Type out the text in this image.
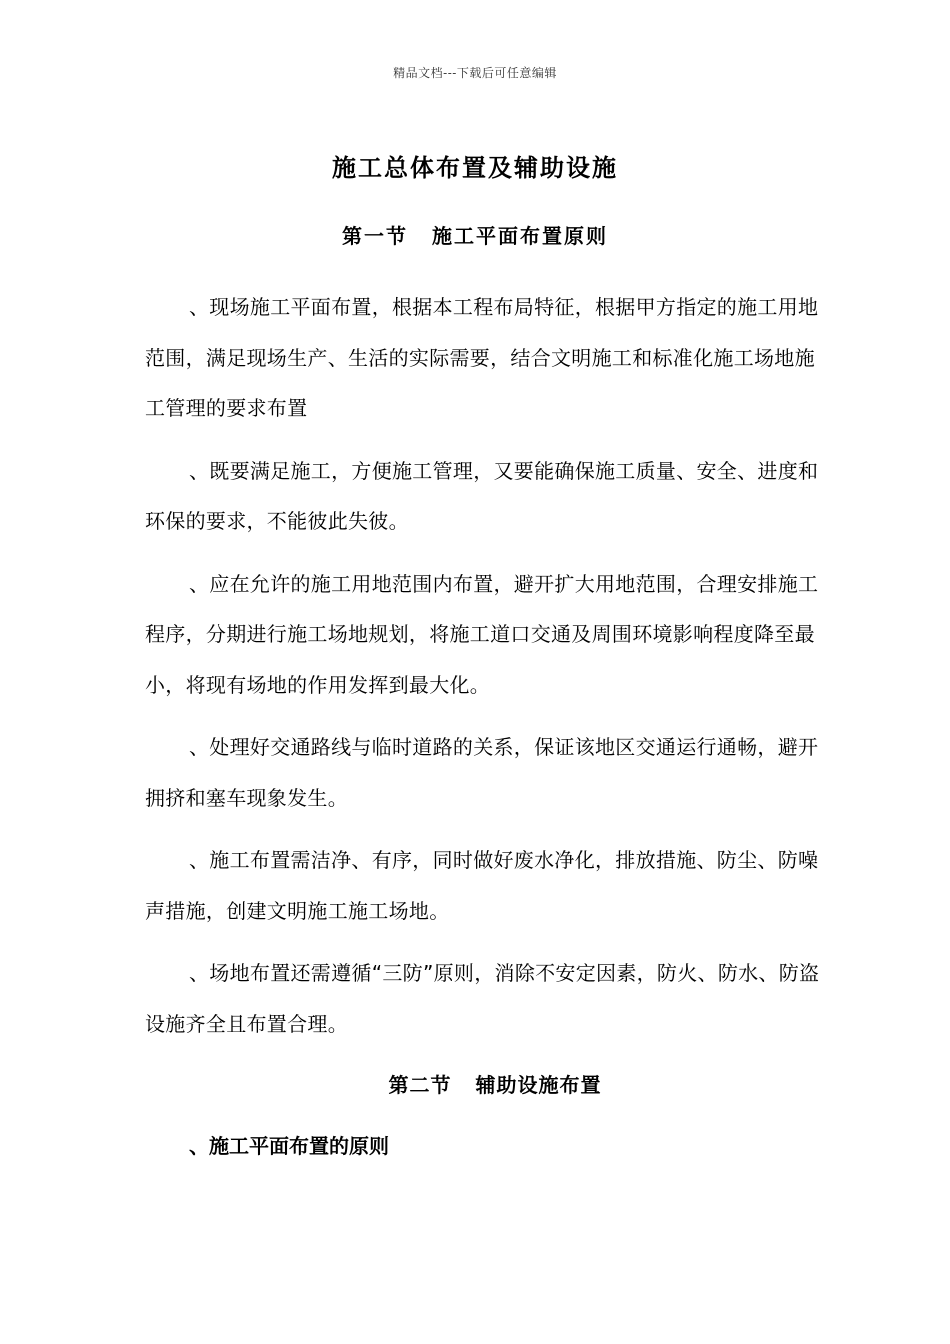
精品文档---下载后可任意编辑
施工总体布置及辅助设施
第一节 施工平面布置原则

、现场施工平面布置，根据本工程布局特征，根据甲方指定的施工用地范围，满足现场生产、生活的实际需要，结合文明施工和标准化施工场地施工管理的要求布置

、既要满足施工，方便施工管理，又要能确保施工质量、安全、进度和环保的要求，不能彼此失彼。

、应在允许的施工用地范围内布置，避开扩大用地范围，合理安排施工程序，分期进行施工场地规划，将施工道口交通及周围环境影响程度降至最小，将现有场地的作用发挥到最大化。

、处理好交通路线与临时道路的关系，保证该地区交通运行通畅，避开拥挤和塞车现象发生。

、施工布置需洁净、有序，同时做好废水净化，排放措施、防尘、防噪声措施，创建文明施工施工场地。

、场地布置还需遵循“三防”原则，消除不安定因素，防火、防水、防盗设施齐全且布置合理。

第二节 辅助设施布置
、施工平面布置的原则
